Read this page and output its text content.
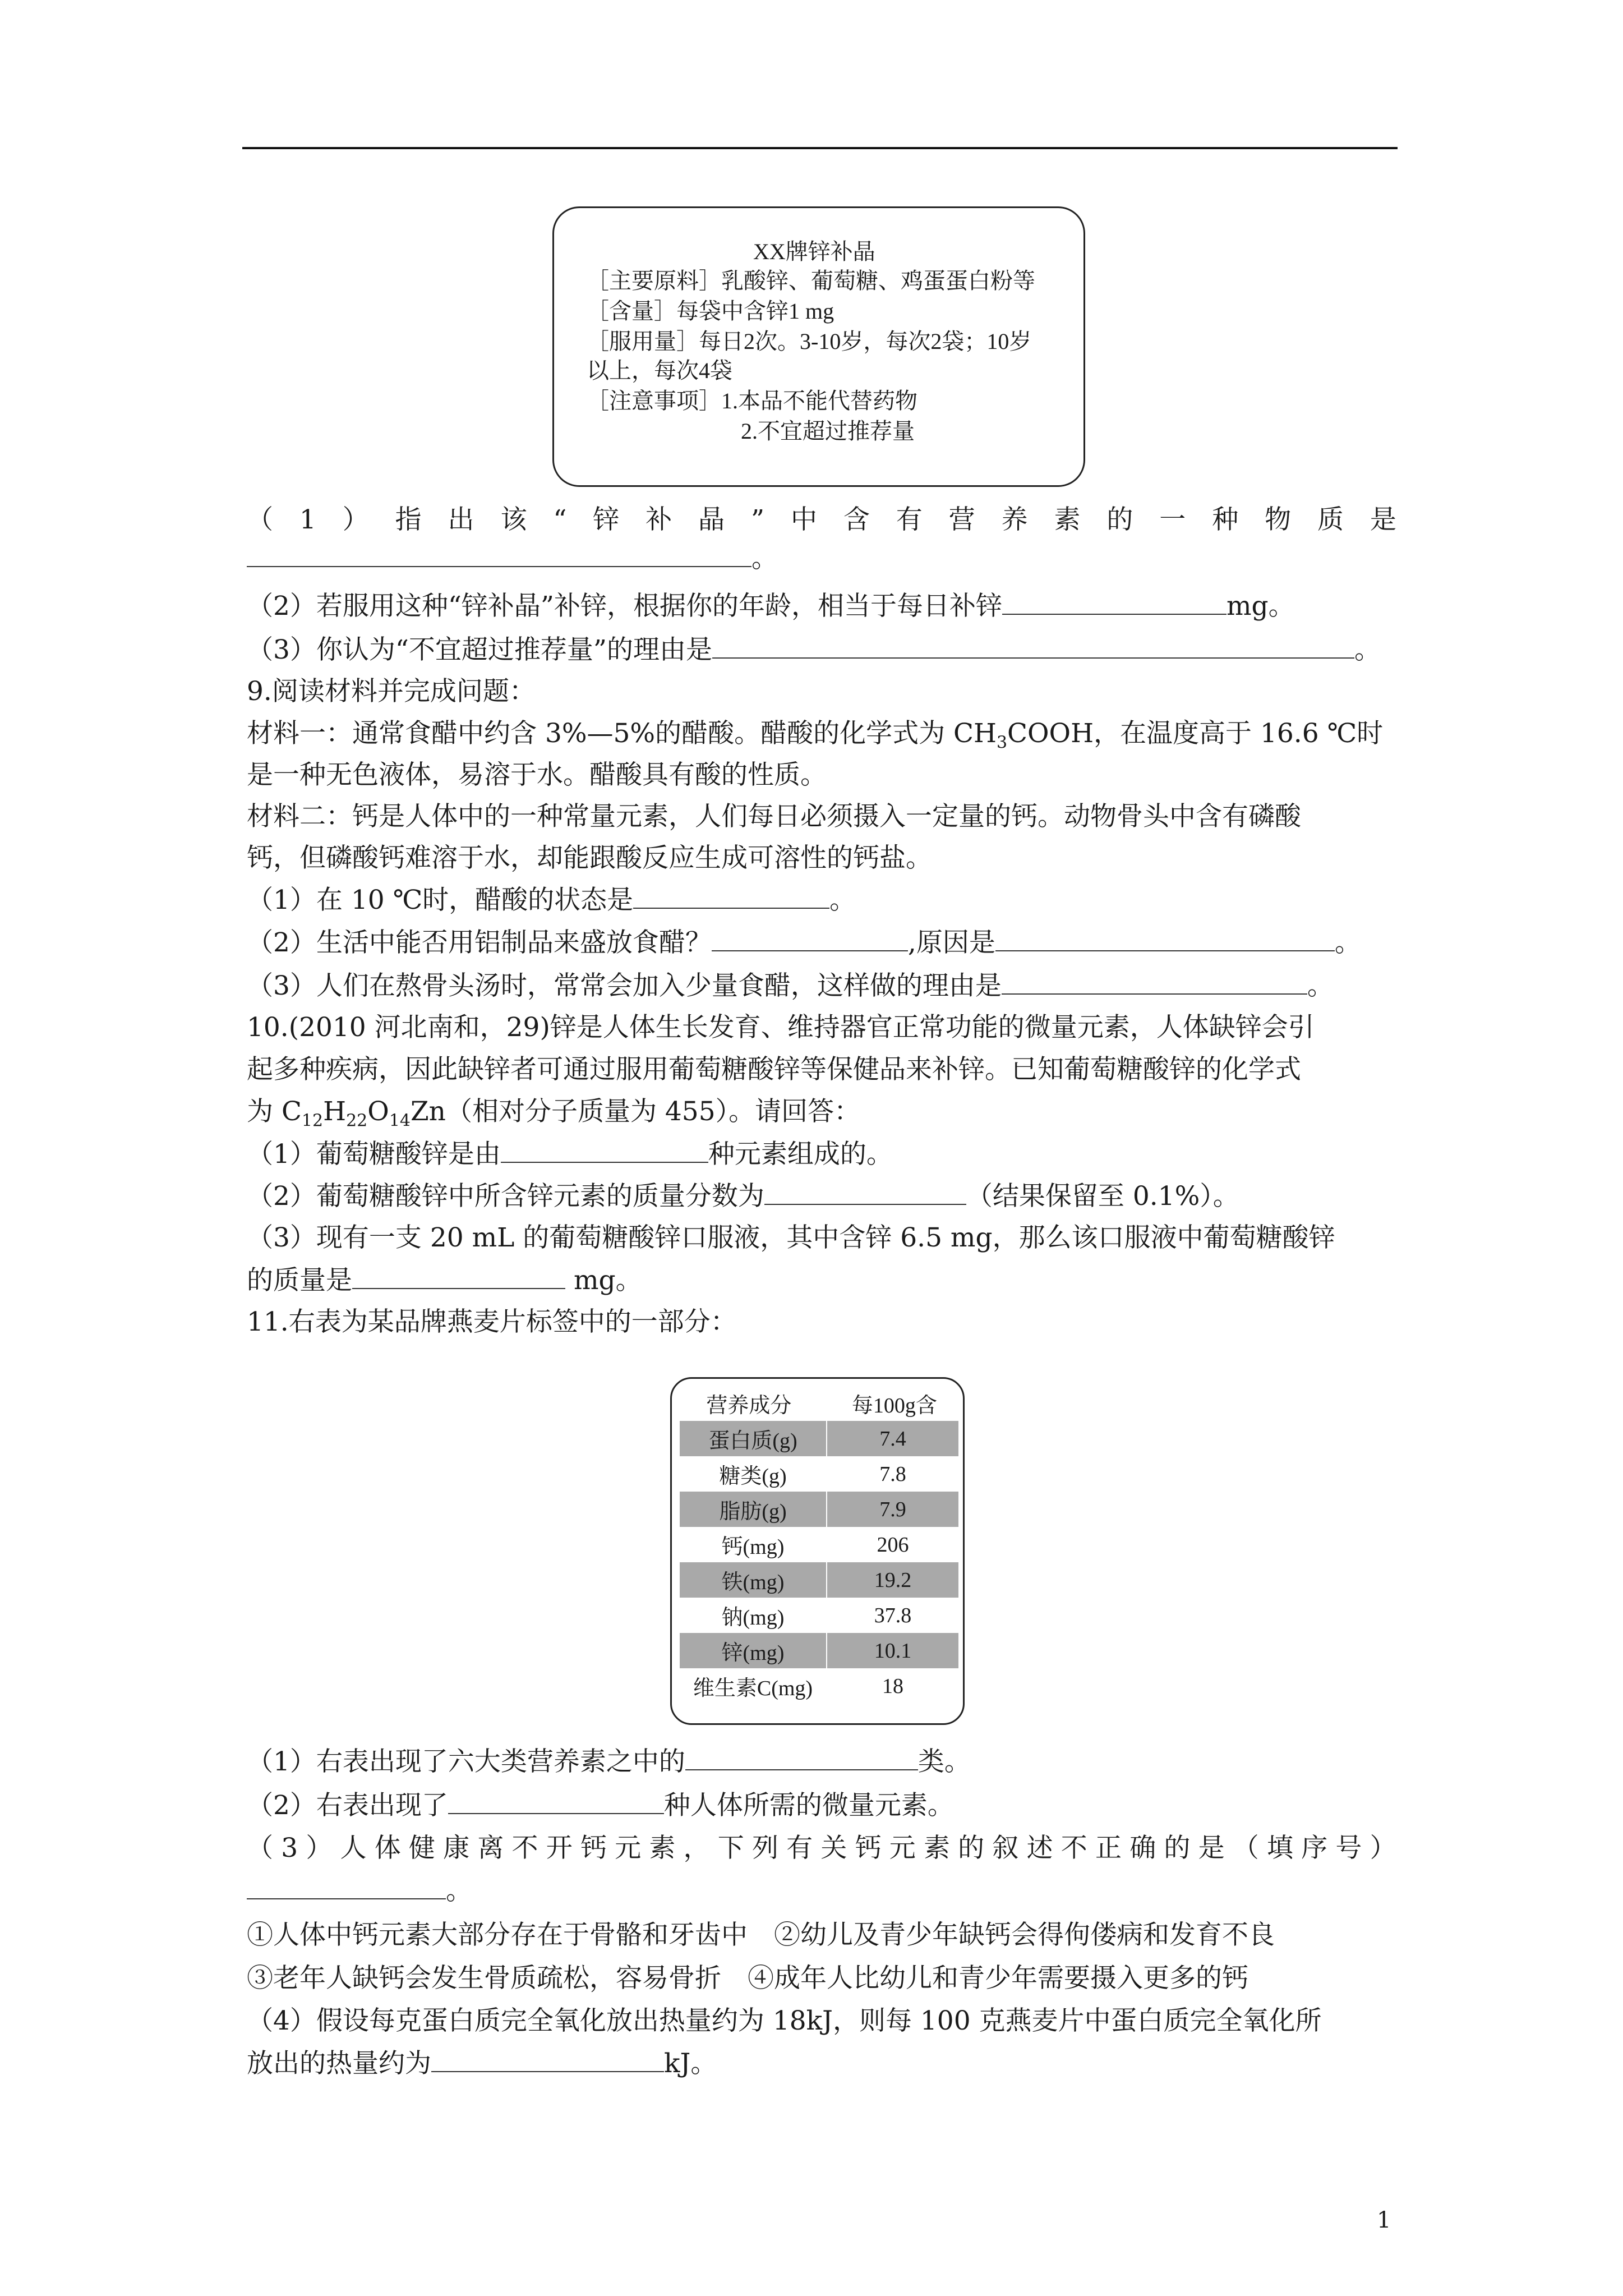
XX牌锌补晶
［主要原料］乳酸锌、葡萄糖、鸡蛋蛋白粉等
［含量］每袋中含锌1 mg
［服用量］每日2次。3-10岁，每次2袋；10岁
以上，每次4袋
［注意事项］1.本品不能代替药物
2.不宜超过推荐量
（ 1 ） 指 出 该 “ 锌 补 晶 ” 中 含 有 营 养 素 的 一 种 物 质 是
。
（2）若服用这种“锌补晶”补锌，根据你的年龄，相当于每日补锌	mg。
（3）你认为“不宜超过推荐量”的理由是	。
9.阅读材料并完成问题：
材料一：通常食醋中约含 3%—5%的醋酸。醋酸的化学式为 $CH_3COOH$，在温度高于 16.6 ℃时
是一种无色液体，易溶于水。醋酸具有酸的性质。
材料二：钙是人体中的一种常量元素，人们每日必须摄入一定量的钙。动物骨头中含有磷酸
钙，但磷酸钙难溶于水，却能跟酸反应生成可溶性的钙盐。
（1）在 10 ℃时，醋酸的状态是	。
（2）生活中能否用铝制品来盛放食醋？	,原因是	。
（3）人们在熬骨头汤时，常常会加入少量食醋，这样做的理由是	。
10.(2010 河北南和，29)锌是人体生长发育、维持器官正常功能的微量元素，人体缺锌会引
起多种疾病，因此缺锌者可通过服用葡萄糖酸锌等保健品来补锌。已知葡萄糖酸锌的化学式
为 $C_{12}H_{22}O_{14}Zn$（相对分子质量为 455）。请回答：
（1）葡萄糖酸锌是由	种元素组成的。
（2）葡萄糖酸锌中所含锌元素的质量分数为	（结果保留至 0.1%）。
（3）现有一支 20 mL 的葡萄糖酸锌口服液，其中含锌 6.5 mg，那么该口服液中葡萄糖酸锌
的质量是	mg。
11.右表为某品牌燕麦片标签中的一部分：
营养成分	每100g含
蛋白质(g)	7.4
糖类(g)	7.8
脂肪(g)	7.9
钙(mg)	206
铁(mg)	19.2
钠(mg)	37.8
锌(mg)	10.1
维生素C(mg)	18
（1）右表出现了六大类营养素之中的	类。
（2）右表出现了	种人体所需的微量元素。
（ 3 ） 人 体 健 康 离 不 开 钙 元 素 ， 下 列 有 关 钙 元 素 的 叙 述 不 正 确 的 是 （ 填 序 号 ）
。
①人体中钙元素大部分存在于骨骼和牙齿中　②幼儿及青少年缺钙会得佝偻病和发育不良
③老年人缺钙会发生骨质疏松，容易骨折　④成年人比幼儿和青少年需要摄入更多的钙
（4）假设每克蛋白质完全氧化放出热量约为 18kJ，则每 100 克燕麦片中蛋白质完全氧化所
放出的热量约为	kJ。
1
